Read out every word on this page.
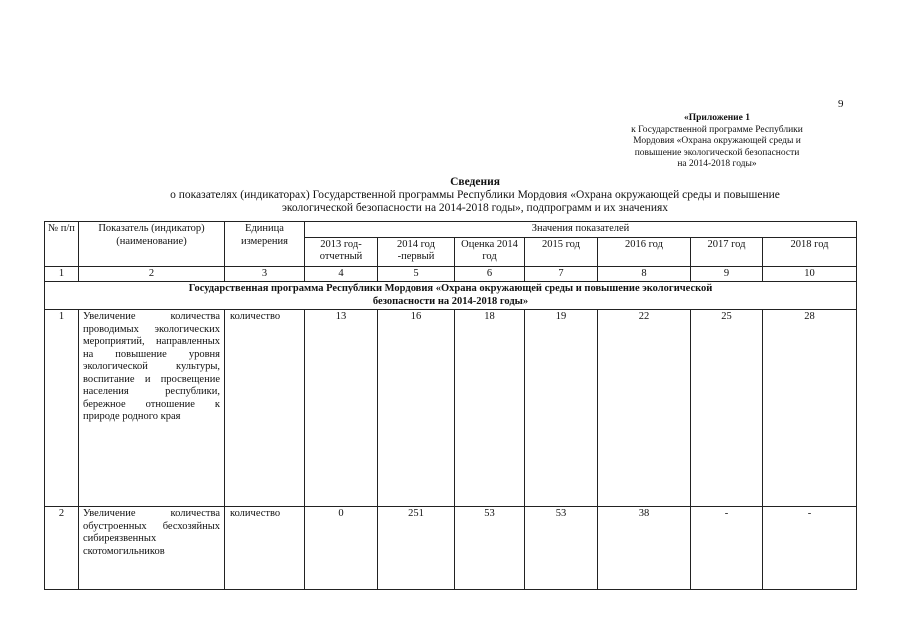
9
«Приложение 1
к Государственной программе Республики
Мордовия «Охрана окружающей среды и
повышение экологической безопасности
на 2014-2018 годы»
Сведения
о показателях (индикаторах) Государственной программы Республики Мордовия «Охрана окружающей среды и повышение
экологической безопасности на 2014-2018 годы», подпрограмм и их значениях
№ п/п	Показатель (индикатор) (наименование)	Единица измерения	Значения показателей						
			2013 год-отчетный	2014 год -первый	Оценка 2014 год	2015 год	2016 год	2017 год	2018 год
1	2	3	4	5	6	7	8	9	10
Государственная программа Республики Мордовия «Охрана окружающей среды и повышение экологической безопасности на 2014-2018 годы»									
1	Увеличение количества проводимых экологических мероприятий, направленных на повышение уровня экологической культуры, воспитание и просвещение населения республики, бережное отношение к природе родного края	количество	13	16	18	19	22	25	28
2	Увеличение количества обустроенных бесхозяйных сибиреязвенных скотомогильников	количество	0	251	53	53	38	-	-
